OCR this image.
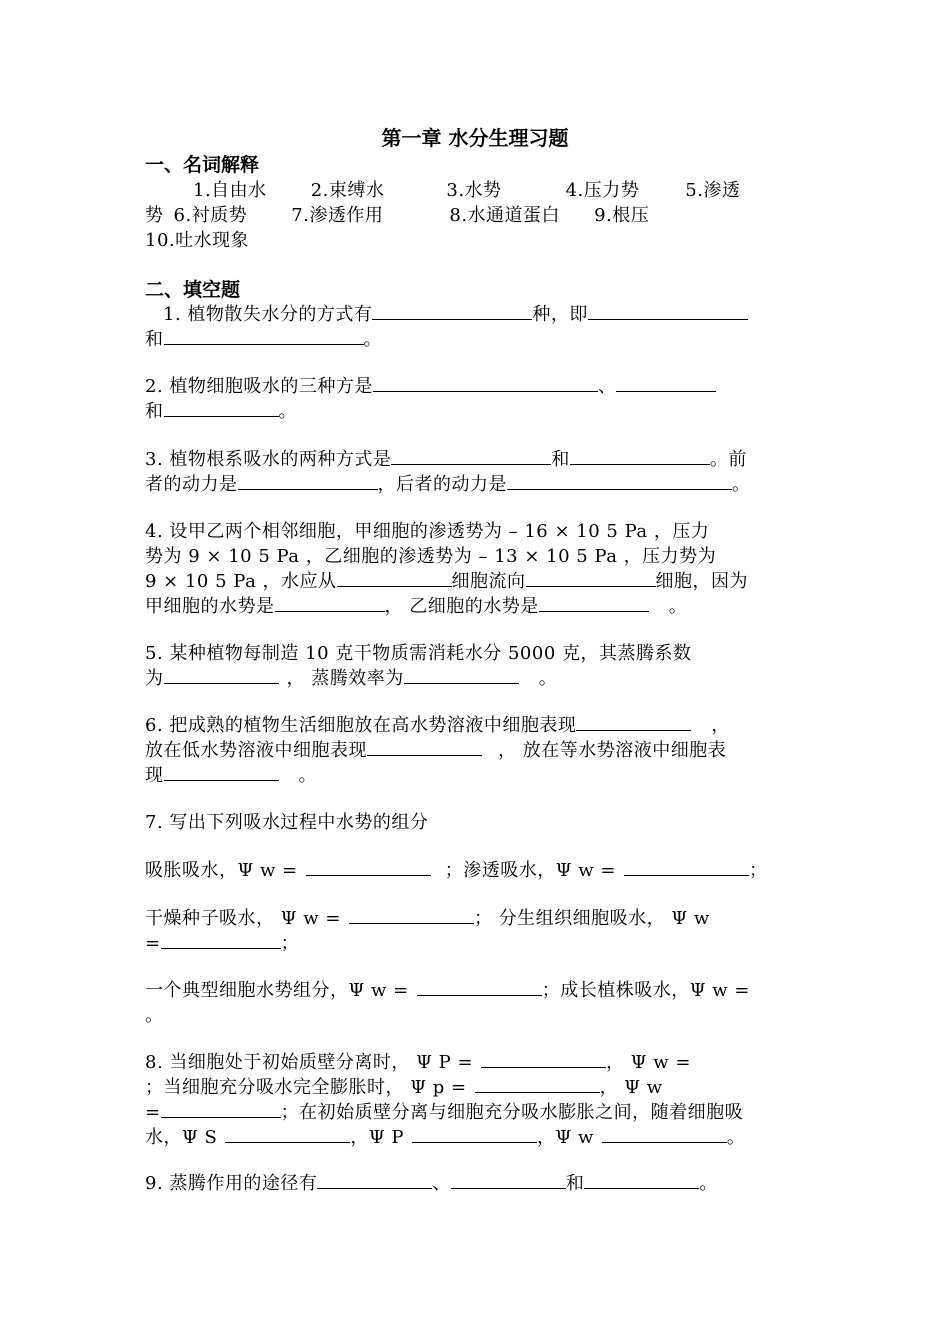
第一章 水分生理习题
一、名词解释
1.自由水 2.束缚水	3.水势	4.压力势	5.渗透
势 6.衬质势 7.渗透作用	8.水通道蛋白 9.根压
10.吐水现象
二、填空题
1. 植物散失水分的方式有	种，即
和	。
2. 植物细胞吸水的三种方是	、
和	。
3. 植物根系吸水的两种方式是	和	。前
者的动力是	，后者的动力是	。
4. 设甲乙两个相邻细胞，甲细胞的渗透势为 – 16 × 10 5 Pa ，压力
势为 9 × 10 5 Pa ，乙细胞的渗透势为 – 13 × 10 5 Pa ，压力势为
9 × 10 5 Pa ，水应从	细胞流向	细胞，因为
甲细胞的水势是	， 乙细胞的水势是	。
5. 某种植物每制造 10 克干物质需消耗水分 5000 克，其蒸腾系数
为	， 蒸腾效率为	。
6. 把成熟的植物生活细胞放在高水势溶液中细胞表现	，
放在低水势溶液中细胞表现	， 放在等水势溶液中细胞表
现	。
7. 写出下列吸水过程中水势的组分
吸胀吸水，Ψ w =	；渗透吸水，Ψ w =	；
干燥种子吸水， Ψ w =	； 分生组织细胞吸水， Ψ w
=	；
一个典型细胞水势组分，Ψ w =	；成长植株吸水，Ψ w =
。
8. 当细胞处于初始质壁分离时， Ψ P =	， Ψ w =
；当细胞充分吸水完全膨胀时， Ψ p =	， Ψ w
=	；在初始质壁分离与细胞充分吸水膨胀之间，随着细胞吸
水，Ψ S	，Ψ P	，Ψ w	。
9. 蒸腾作用的途径有	、	和	。
